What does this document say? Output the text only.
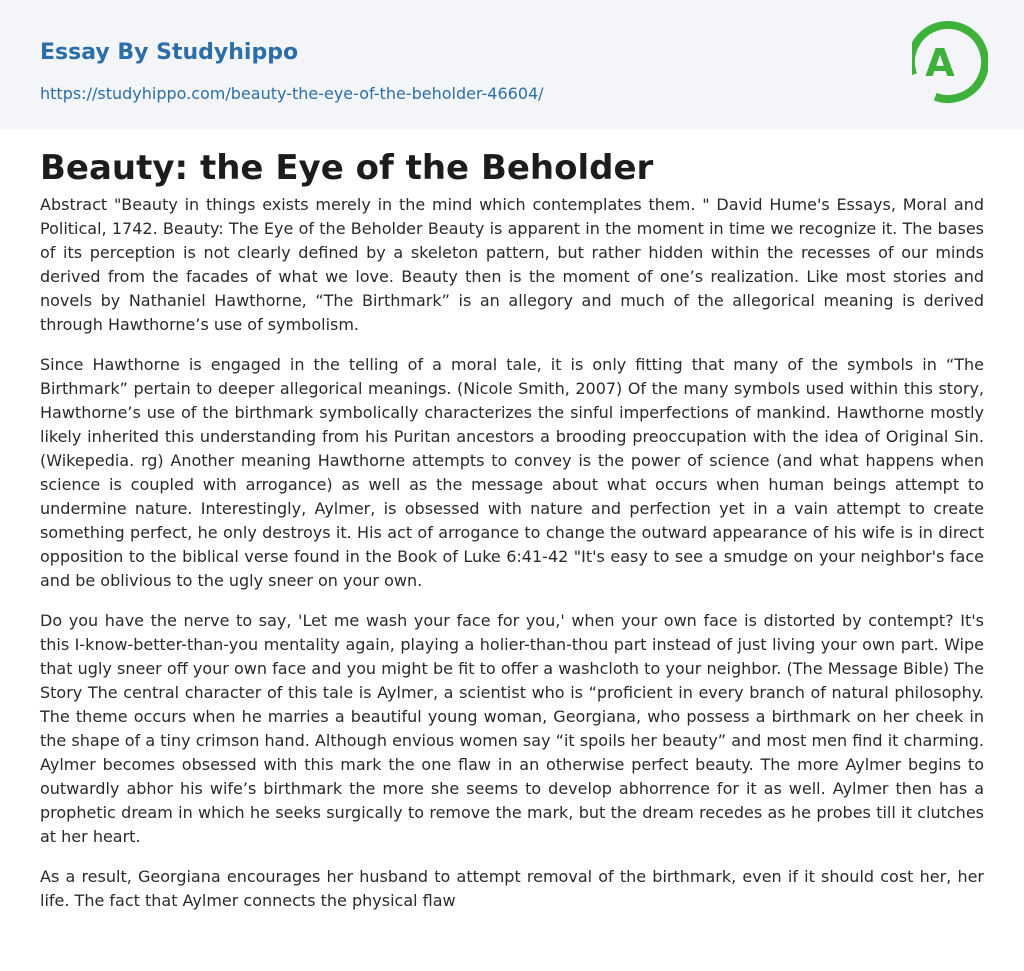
Essay By Studyhippo
https://studyhippo.com/beauty-the-eye-of-the-beholder-46604/
A
Beauty: the Eye of the Beholder

Abstract "Beauty in things exists merely in the mind which contemplates them. " David Hume's Essays, Moral and Political, 1742. Beauty: The Eye of the Beholder Beauty is apparent in the moment in time we recognize it. The bases of its perception is not clearly defined by a skeleton pattern, but rather hidden within the recesses of our minds derived from the facades of what we love. Beauty then is the moment of one’s realization. Like most stories and novels by Nathaniel Hawthorne, “The Birthmark” is an allegory and much of the allegorical meaning is derived through Hawthorne’s use of symbolism.

Since Hawthorne is engaged in the telling of a moral tale, it is only fitting that many of the symbols in “The Birthmark” pertain to deeper allegorical meanings. (Nicole Smith, 2007) Of the many symbols used within this story, Hawthorne’s use of the birthmark symbolically characterizes the sinful imperfections of mankind. Hawthorne mostly likely inherited this understanding from his Puritan ancestors a brooding preoccupation with the idea of Original Sin. (Wikepedia. rg) Another meaning Hawthorne attempts to convey is the power of science (and what happens when science is coupled with arrogance) as well as the message about what occurs when human beings attempt to undermine nature. Interestingly, Aylmer, is obsessed with nature and perfection yet in a vain attempt to create something perfect, he only destroys it. His act of arrogance to change the outward appearance of his wife is in direct opposition to the biblical verse found in the Book of Luke 6:41-42 "It's easy to see a smudge on your neighbor's face and be oblivious to the ugly sneer on your own.

Do you have the nerve to say, 'Let me wash your face for you,' when your own face is distorted by contempt? It's this I-know-better-than-you mentality again, playing a holier-than-thou part instead of just living your own part. Wipe that ugly sneer off your own face and you might be fit to offer a washcloth to your neighbor. (The Message Bible) The Story The central character of this tale is Aylmer, a scientist who is “proficient in every branch of natural philosophy. The theme occurs when he marries a beautiful young woman, Georgiana, who possess a birthmark on her cheek in the shape of a tiny crimson hand. Although envious women say “it spoils her beauty” and most men find it charming. Aylmer becomes obsessed with this mark the one flaw in an otherwise perfect beauty. The more Aylmer begins to outwardly abhor his wife’s birthmark the more she seems to develop abhorrence for it as well. Aylmer then has a prophetic dream in which he seeks surgically to remove the mark, but the dream recedes as he probes till it clutches at her heart.

As a result, Georgiana encourages her husband to attempt removal of the birthmark, even if it should cost her, her life. The fact that Aylmer connects the physical flaw
